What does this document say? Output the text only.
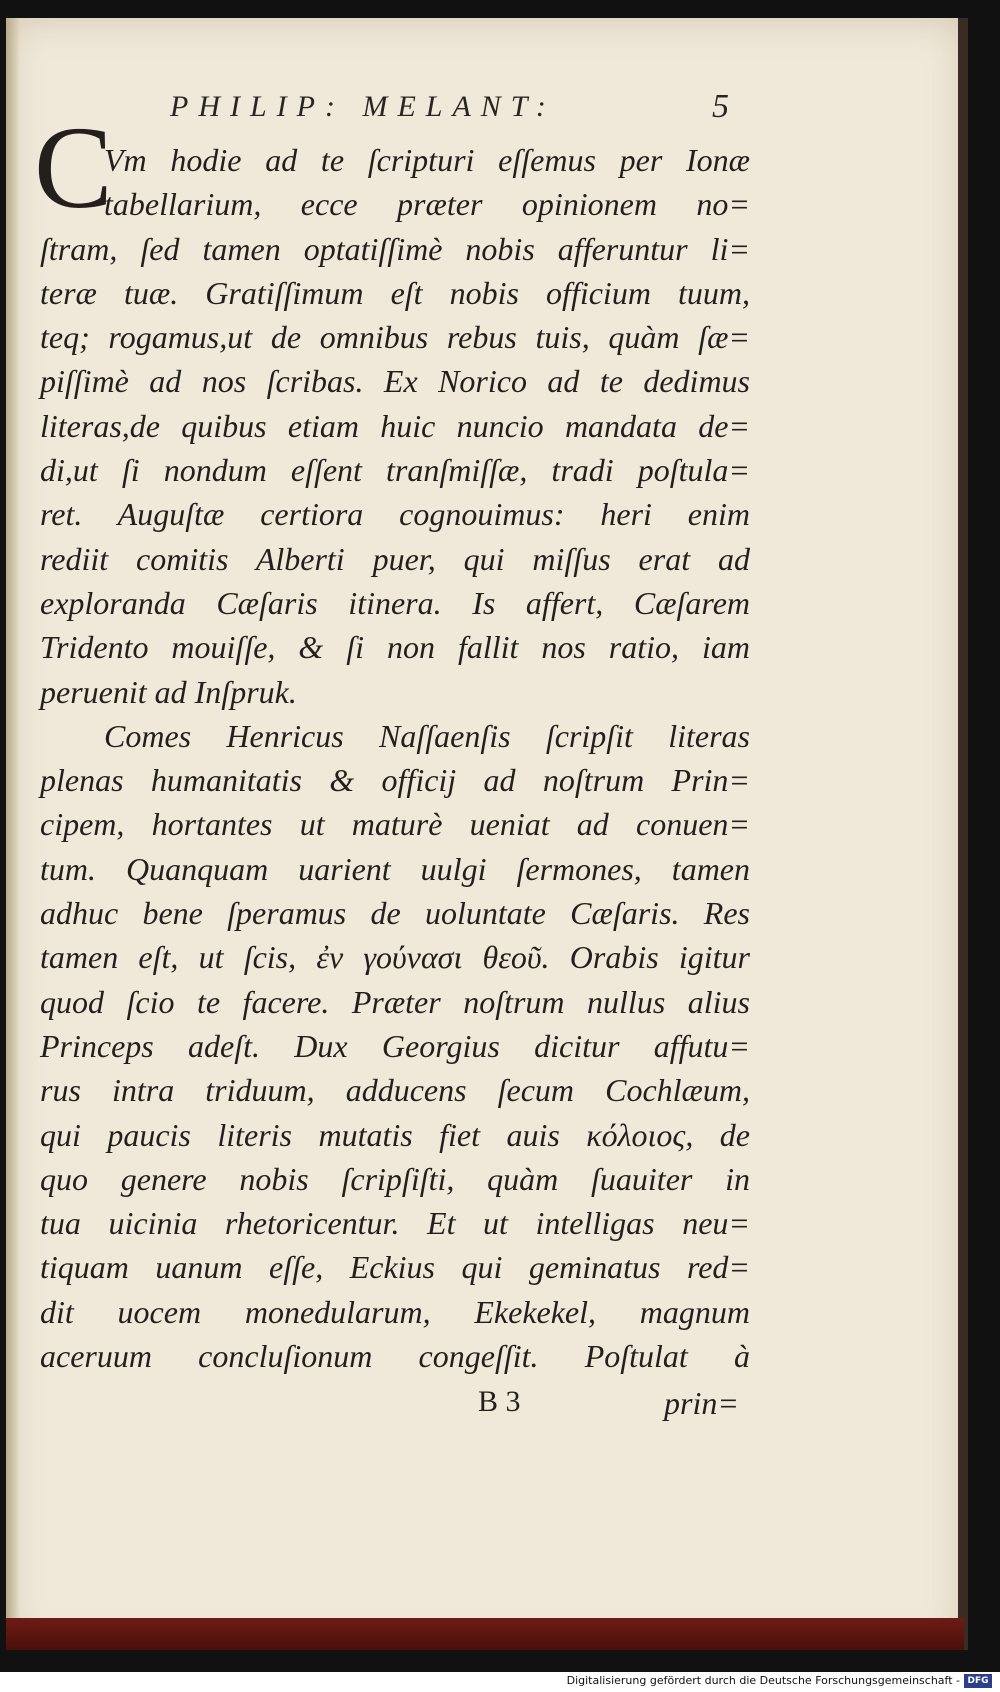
PHILIP: MELANT:	5
C
Vm hodie ad te ſcripturi eſſemus per Ionæ
tabellarium, ecce præter opinionem no=
ſtram, ſed tamen optatiſſimè nobis afferuntur li=
teræ tuæ. Gratiſſimum eſt nobis officium tuum,
teq; rogamus,ut de omnibus rebus tuis, quàm ſæ=
piſſimè ad nos ſcribas. Ex Norico ad te dedimus
literas,de quibus etiam huic nuncio mandata de=
di,ut ſi nondum eſſent tranſmiſſæ, tradi poſtula=
ret. Auguſtæ certiora cognouimus: heri enim
rediit comitis Alberti puer, qui miſſus erat ad
exploranda Cæſaris itinera. Is affert, Cæſarem
Tridento mouiſſe, & ſi non fallit nos ratio, iam
peruenit ad Inſpruk.
Comes Henricus Naſſaenſis ſcripſit literas
plenas humanitatis & officij ad noſtrum Prin=
cipem, hortantes ut maturè ueniat ad conuen=
tum. Quanquam uarient uulgi ſermones, tamen
adhuc bene ſperamus de uoluntate Cæſaris. Res
tamen eſt, ut ſcis, ἐν γούνασι θεοῦ. Orabis igitur
quod ſcio te facere. Præter noſtrum nullus alius
Princeps adeſt. Dux Georgius dicitur affutu=
rus intra triduum, adducens ſecum Cochlæum,
qui paucis literis mutatis fiet auis κόλοιος, de
quo genere nobis ſcripſiſti, quàm ſuauiter in
tua uicinia rhetoricentur. Et ut intelligas neu=
tiquam uanum eſſe, Eckius qui geminatus red=
dit uocem monedularum, Ekekekel, magnum
aceruum concluſionum congeſſit. Poſtulat à
B 3	prin=
Digitalisierung gefördert durch die Deutsche Forschungsgemeinschaft - DFG
